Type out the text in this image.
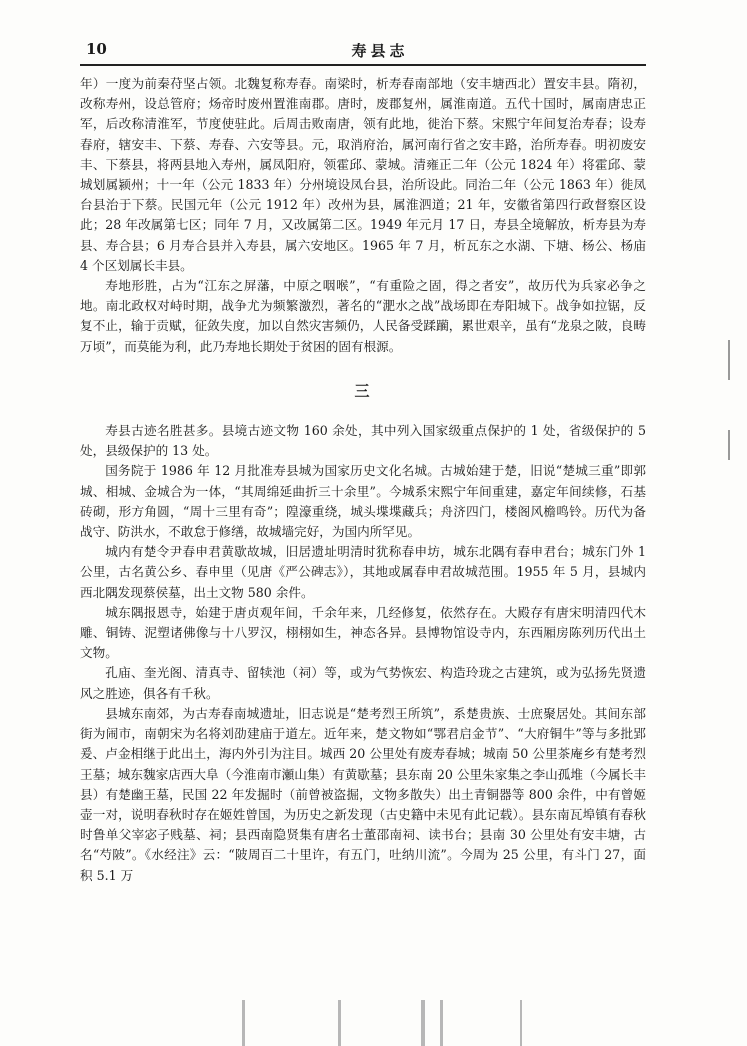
10	寿县志

年）一度为前秦苻坚占领。北魏复称寿春。南梁时，析寿春南部地（安丰塘西北）置安丰县。隋初，改称寿州，设总管府；炀帝时废州置淮南郡。唐时，废郡复州，属淮南道。五代十国时，属南唐忠正军，后改称清淮军，节度使驻此。后周击败南唐，领有此地，徙治下蔡。宋熙宁年间复治寿春；设寿春府，辖安丰、下蔡、寿春、六安等县。元，取消府治，属河南行省之安丰路，治所寿春。明初废安丰、下蔡县，将两县地入寿州，属凤阳府，领霍邱、蒙城。清雍正二年（公元 1824 年）将霍邱、蒙城划属颍州；十一年（公元 1833 年）分州境设凤台县，治所设此。同治二年（公元 1863 年）徙凤台县治于下蔡。民国元年（公元 1912 年）改州为县，属淮泗道；21 年，安徽省第四行政督察区设此；28 年改属第七区；同年 7 月，又改属第二区。1949 年元月 17 日，寿县全境解放，析寿县为寿县、寿合县；6 月寿合县并入寿县，属六安地区。1965 年 7 月，析瓦东之水湖、下塘、杨公、杨庙 4 个区划属长丰县。

寿地形胜，占为“江东之屏藩，中原之咽喉”，“有重险之固，得之者安”，故历代为兵家必争之地。南北政权对峙时期，战争尤为频繁激烈，著名的“淝水之战”战场即在寿阳城下。战争如拉锯，反复不止，输于贡赋，征敛失度，加以自然灾害频仍，人民备受蹂躏，累世艰辛，虽有“龙泉之陂，良畴万顷”，而莫能为利，此乃寿地长期处于贫困的固有根源。

三

寿县古迹名胜甚多。县境古迹文物 160 余处，其中列入国家级重点保护的 1 处，省级保护的 5 处，县级保护的 13 处。

国务院于 1986 年 12 月批准寿县城为国家历史文化名城。古城始建于楚，旧说“楚城三重”即郭城、相城、金城合为一体，“其周绵延曲折三十余里”。今城系宋熙宁年间重建，嘉定年间续修，石基砖砌，形方角圆，“周十三里有奇”；隍濠重绕，城头堞堞藏兵；舟济四门，楼阁风檐鸣铃。历代为备战守、防洪水，不敢怠于修缮，故城墙完好，为国内所罕见。

城内有楚令尹春申君黄歇故城，旧居遗址明清时犹称春申坊，城东北隅有春申君台；城东门外 1 公里，古名黄公乡、春申里（见唐《严公碑志》），其地或属春申君故城范围。1955 年 5 月，县城内西北隅发现蔡侯墓，出土文物 580 余件。

城东隅报恩寺，始建于唐贞观年间，千余年来，几经修复，依然存在。大殿存有唐宋明清四代木雕、铜铸、泥塑诸佛像与十八罗汉，栩栩如生，神态各异。县博物馆设寺内，东西厢房陈列历代出土文物。

孔庙、奎光阁、清真寺、留犊池（祠）等，或为气势恢宏、构造玲珑之古建筑，或为弘扬先贤遗风之胜迹，俱各有千秋。

县城东南郊，为古寿春南城遗址，旧志说是“楚考烈王所筑”，系楚贵族、士庶聚居处。其间东部街为闹市，南朝宋为名将刘劭建庙于道左。近年来，楚文物如“鄂君启金节”、“大府铜牛”等与多批郢爰、卢金相继于此出土，海内外引为注目。城西 20 公里处有废寿春城；城南 50 公里茶庵乡有楚考烈王墓；城东魏家店西大阜（今淮南市瀬山集）有黄歇墓；县东南 20 公里朱家集之李山孤堆（今属长丰县）有楚幽王墓，民国 22 年发掘时（前曾被盗掘，文物多散失）出土青铜器等 800 余件，中有曾姬壶一对，说明春秋时存在姬姓曾国，为历史之新发现（古史籍中未见有此记载）。县东南瓦埠镇有春秋时鲁单父宰宓子贱墓、祠；县西南隐贤集有唐名士董邵南祠、读书台；县南 30 公里处有安丰塘，古名“芍陂”。《水经注》云：“陂周百二十里许，有五门，吐纳川流”。今周为 25 公里，有斗门 27，面积 5.1 万
